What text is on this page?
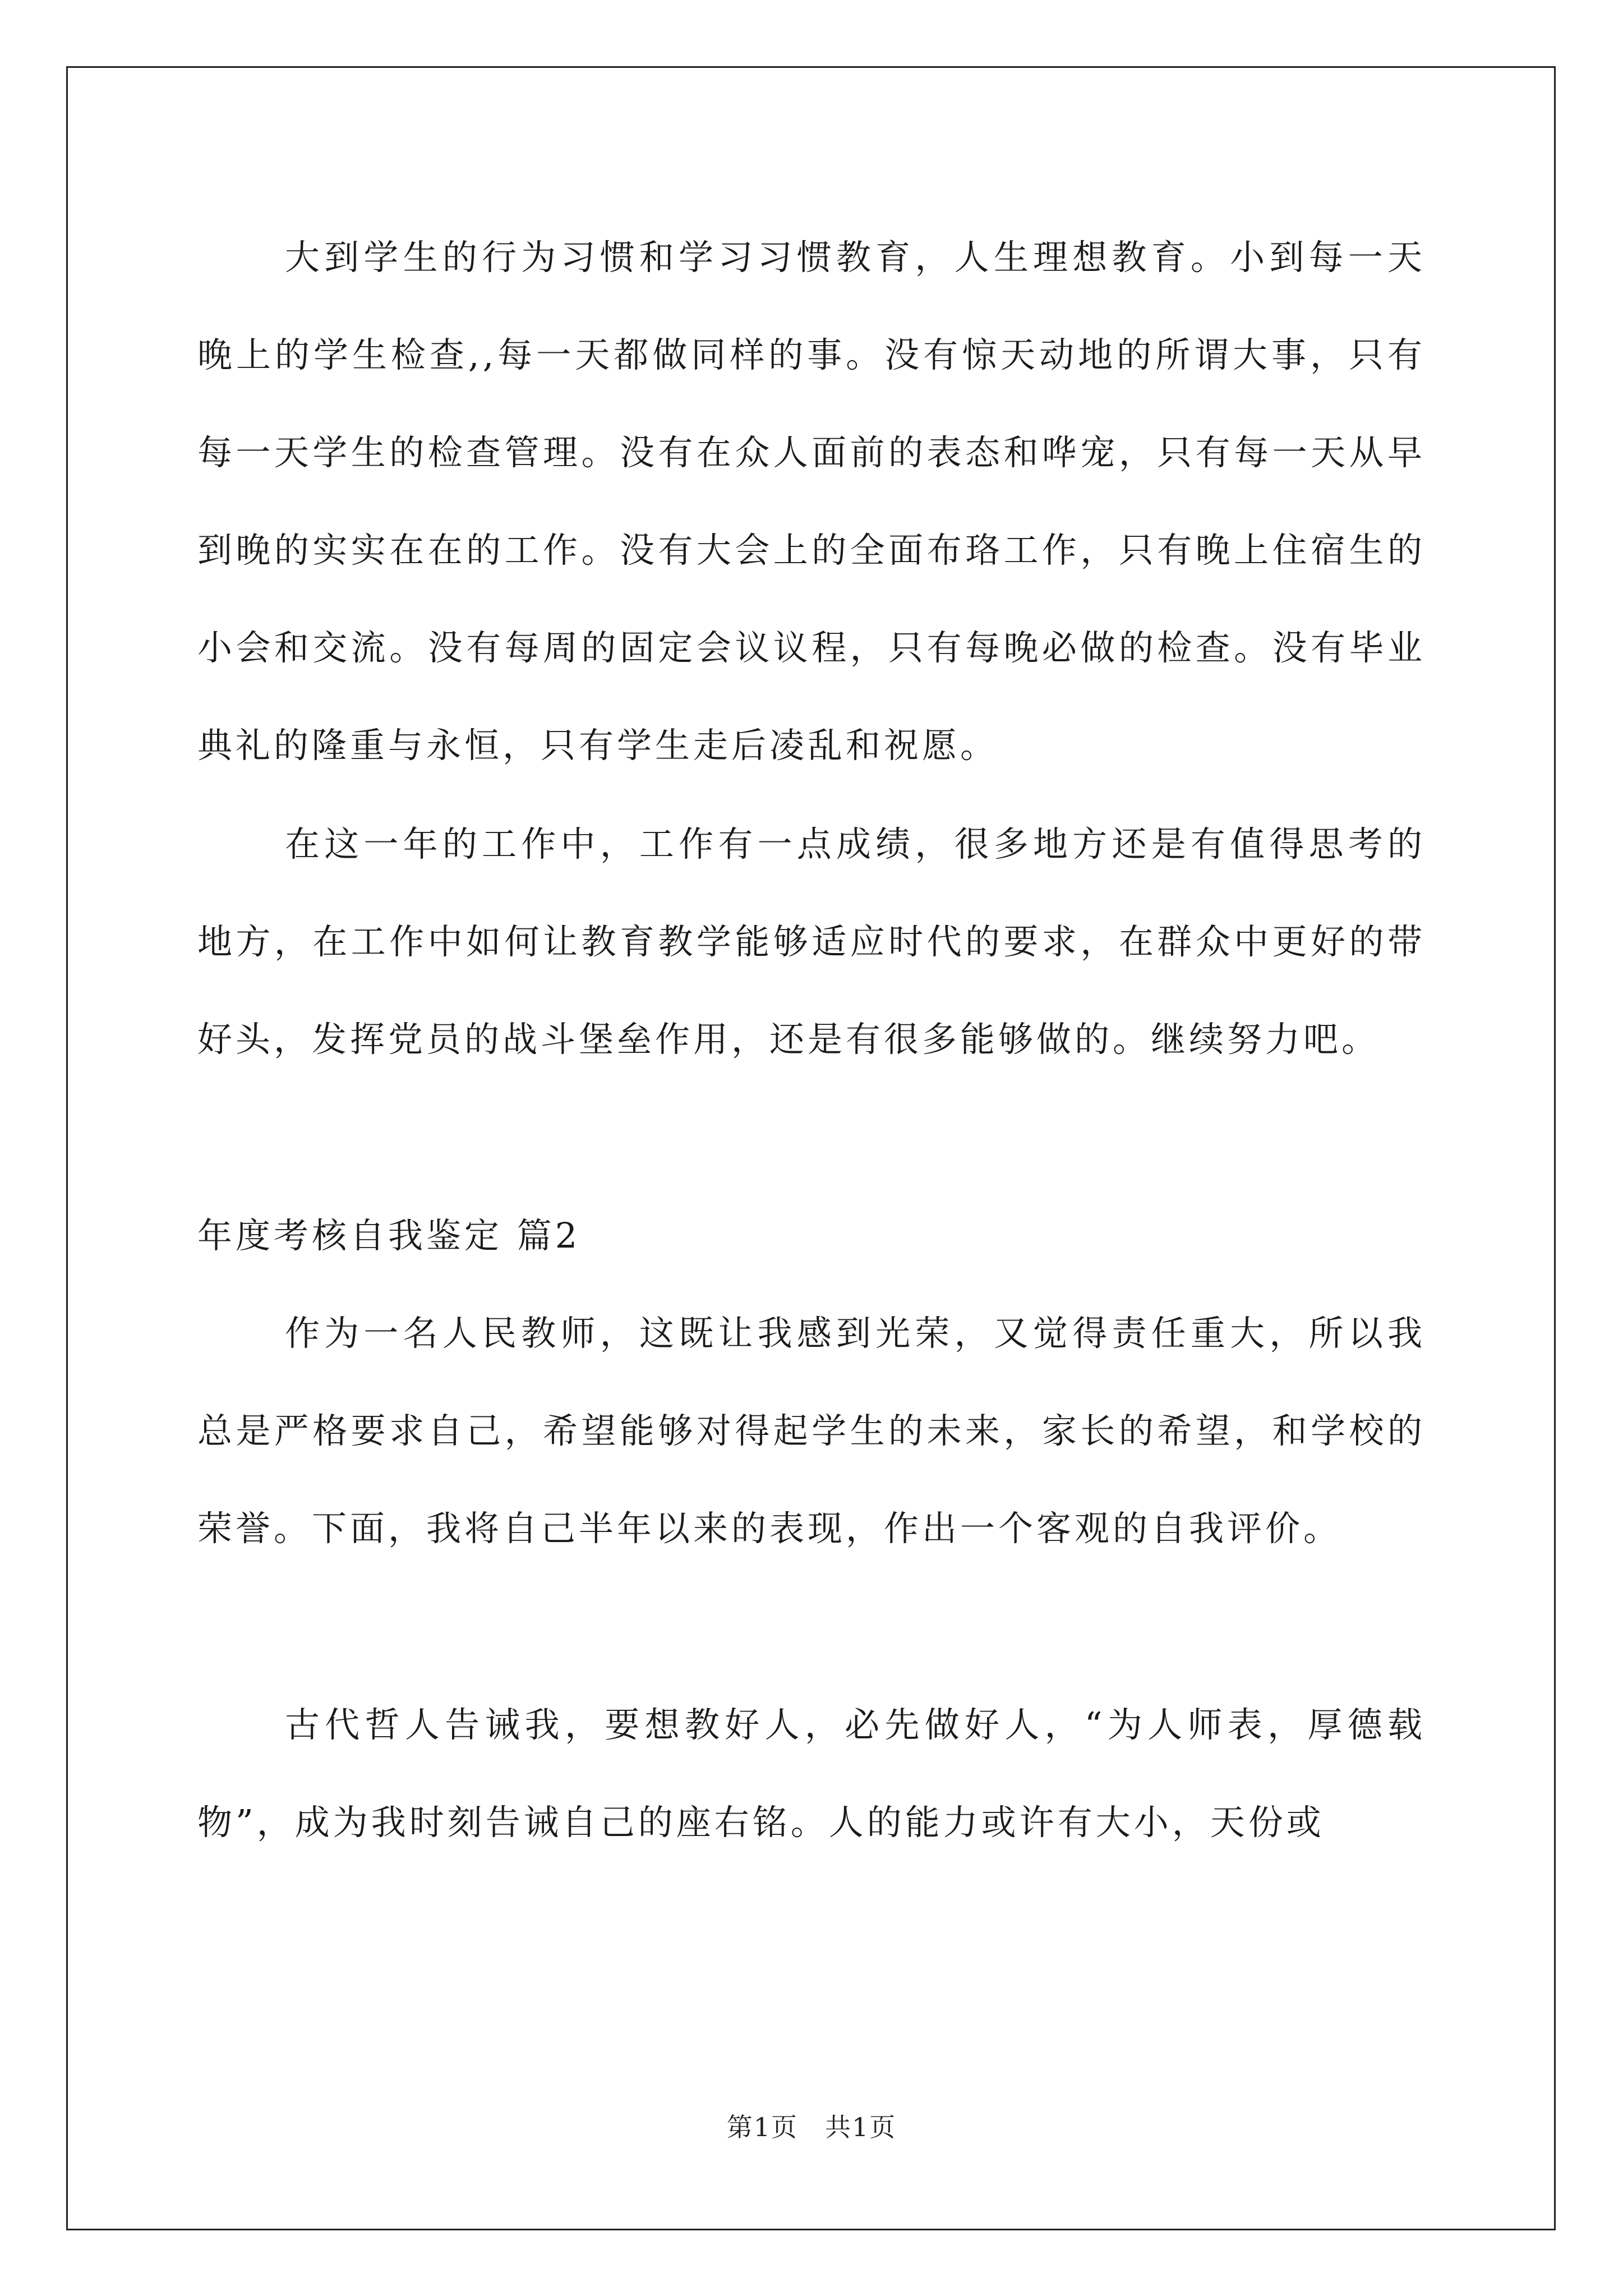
大到学生的行为习惯和学习习惯教育，人生理想教育。小到每一天晚上的学生检查,,每一天都做同样的事。没有惊天动地的所谓大事，只有每一天学生的检查管理。没有在众人面前的表态和哗宠，只有每一天从早到晚的实实在在的工作。没有大会上的全面布珞工作，只有晚上住宿生的小会和交流。没有每周的固定会议议程，只有每晚必做的检查。没有毕业典礼的隆重与永恒，只有学生走后凌乱和祝愿。

在这一年的工作中，工作有一点成绩，很多地方还是有值得思考的地方，在工作中如何让教育教学能够适应时代的要求，在群众中更好的带好头，发挥党员的战斗堡垒作用，还是有很多能够做的。继续努力吧。

年度考核自我鉴定 篇2

作为一名人民教师，这既让我感到光荣，又觉得责任重大，所以我总是严格要求自己，希望能够对得起学生的未来，家长的希望，和学校的荣誉。下面，我将自己半年以来的表现，作出一个客观的自我评价。

古代哲人告诫我，要想教好人，必先做好人，“为人师表，厚德载物”，成为我时刻告诫自己的座右铭。人的能力或许有大小，天份或

第1页　共1页
